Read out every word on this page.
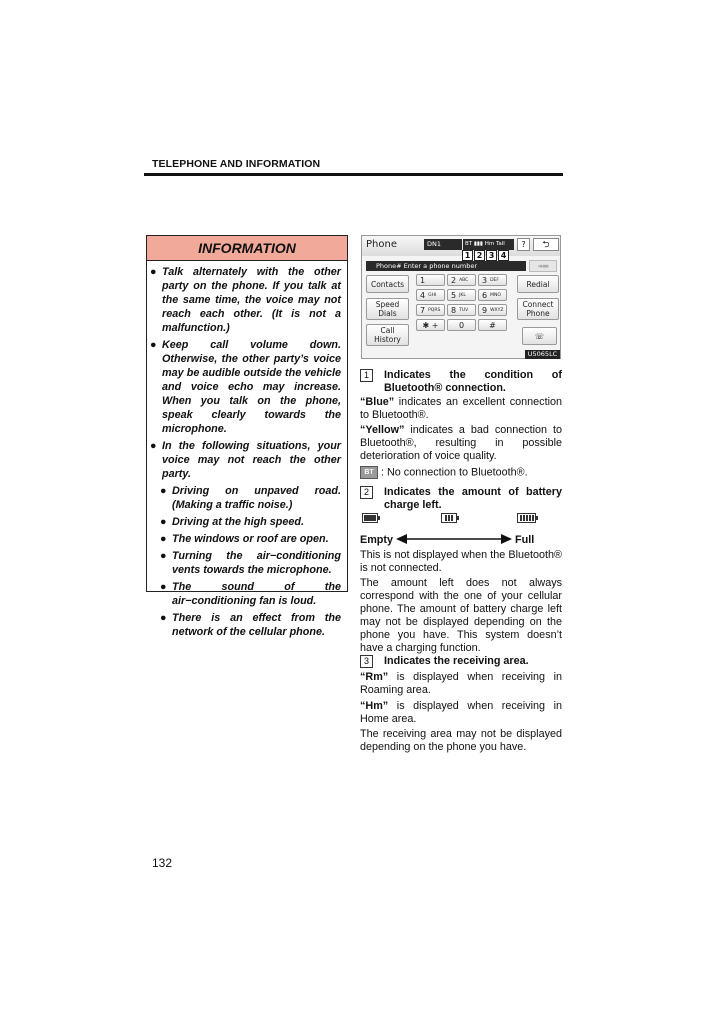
TELEPHONE AND INFORMATION
INFORMATION
● Talk alternately with the other party on the phone. If you talk at the same time, the voice may not reach each other. (It is not a malfunction.)
● Keep call volume down. Otherwise, the other party’s voice may be audible outside the vehicle and voice echo may increase. When you talk on the phone, speak clearly towards the microphone.
● In the following situations, your voice may not reach the other party.
● Driving on unpaved road. (Making a traffic noise.)
● Driving at the high speed.
● The windows or roof are open.
● Turning the air−conditioning vents towards the microphone.
● The sound of the air−conditioning fan is loud.
● There is an effect from the network of the cellular phone.
Phone	DN1	BT ▮▮▮ Hm Tall	?	⮌
1 2 3 4
Phone# Enter a phone number	◄▬
Contacts
Speed Dials
Call History
Redial
Connect Phone
☏
1	2 ABC	3 DEF
4 GHI	5 JKL	6 MNO
7 PQRS	8 TUV	9 WXYZ
✱ +	0	#
U5065LC
1	Indicates the condition of Bluetooth® connection.
“Blue” indicates an excellent connection to Bluetooth®.
“Yellow” indicates a bad connection to Bluetooth®, resulting in possible deterioration of voice quality.
BT : No connection to Bluetooth®.
2	Indicates the amount of battery charge left.
Empty	Full
This is not displayed when the Bluetooth® is not connected.
The amount left does not always correspond with the one of your cellular phone. The amount of battery charge left may not be displayed depending on the phone you have. This system doesn’t have a charging function.
3	Indicates the receiving area.
“Rm” is displayed when receiving in Roaming area.
“Hm” is displayed when receiving in Home area.
The receiving area may not be displayed depending on the phone you have.
132
